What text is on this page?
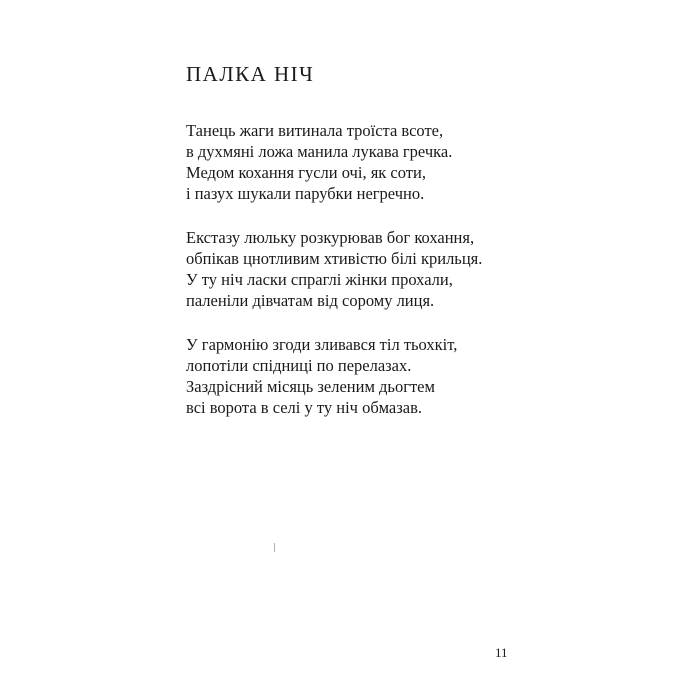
ПАЛКА НІЧ
Танець жаги витинала троїста всоте,
в духмяні ложа манила лукава гречка.
Медом кохання гусли очі, як соти,
і пазух шукали парубки негречно.
Екстазу люльку розкурював бог кохання,
обпікав цнотливим хтивістю білі крильця.
У ту ніч ласки спраглі жінки прохали,
паленіли дівчатам від сорому лиця.
У гармонію згоди зливався тіл тьохкіт,
лопотіли спідниці по перелазах.
Заздрісний місяць зеленим дьогтем
всі ворота в селі у ту ніч обмазав.
11
